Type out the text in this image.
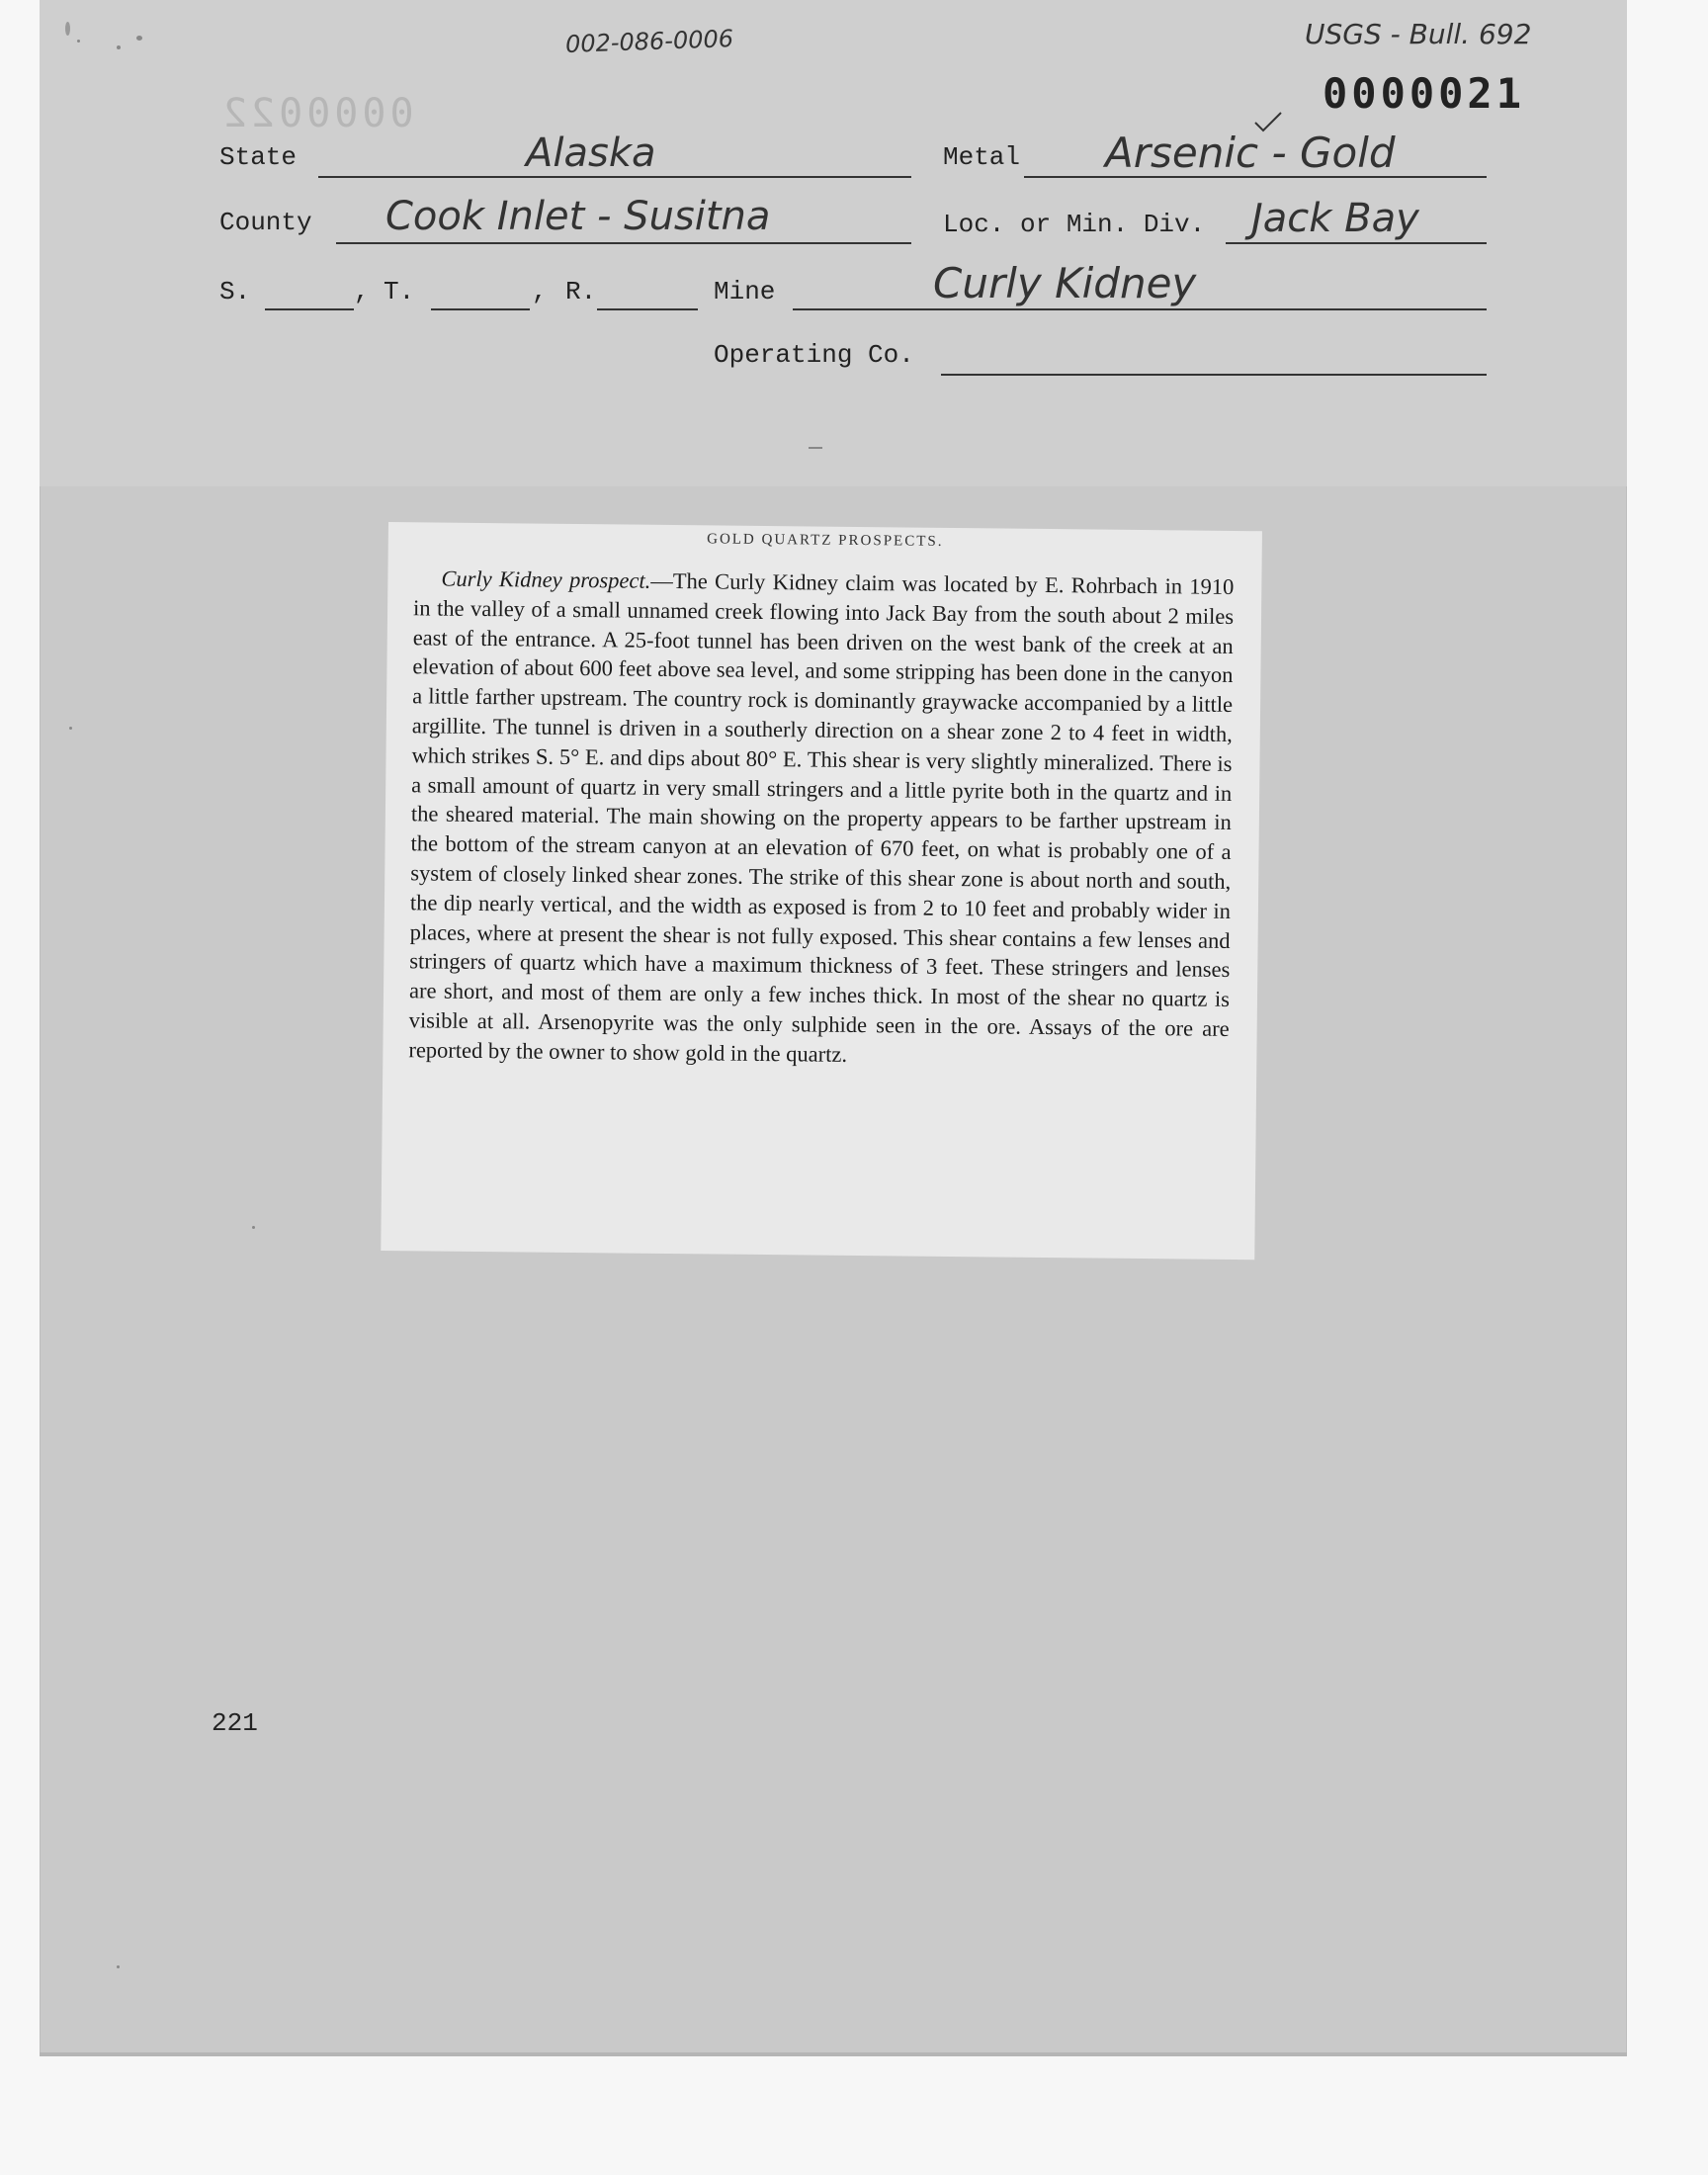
002-086-0006	USGS - Bull. 692
0000022	0000021
State	Alaska	Metal Arsenic - Gold
County Cook Inlet - Susitna	Loc. or Min. Div. Jack Bay
S.	, T.	, R.	Mine	Curly Kidney
Operating Co.
GOLD QUARTZ PROSPECTS.
Curly Kidney prospect.—The Curly Kidney claim was located by E. Rohrbach in 1910 in the valley of a small unnamed creek flowing into Jack Bay from the south about 2 miles east of the entrance. A 25-foot tunnel has been driven on the west bank of the creek at an elevation of about 600 feet above sea level, and some stripping has been done in the canyon a little farther upstream. The country rock is dominantly graywacke accompanied by a little argillite. The tunnel is driven in a southerly direction on a shear zone 2 to 4 feet in width, which strikes S. 5° E. and dips about 80° E. This shear is very slightly mineralized. There is a small amount of quartz in very small stringers and a little pyrite both in the quartz and in the sheared material. The main showing on the property appears to be farther upstream in the bottom of the stream canyon at an elevation of 670 feet, on what is probably one of a system of closely linked shear zones. The strike of this shear zone is about north and south, the dip nearly vertical, and the width as exposed is from 2 to 10 feet and probably wider in places, where at present the shear is not fully exposed. This shear contains a few lenses and stringers of quartz which have a maximum thickness of 3 feet. These stringers and lenses are short, and most of them are only a few inches thick. In most of the shear no quartz is visible at all. Arsenopyrite was the only sulphide seen in the ore. Assays of the ore are reported by the owner to show gold in the quartz.
221
